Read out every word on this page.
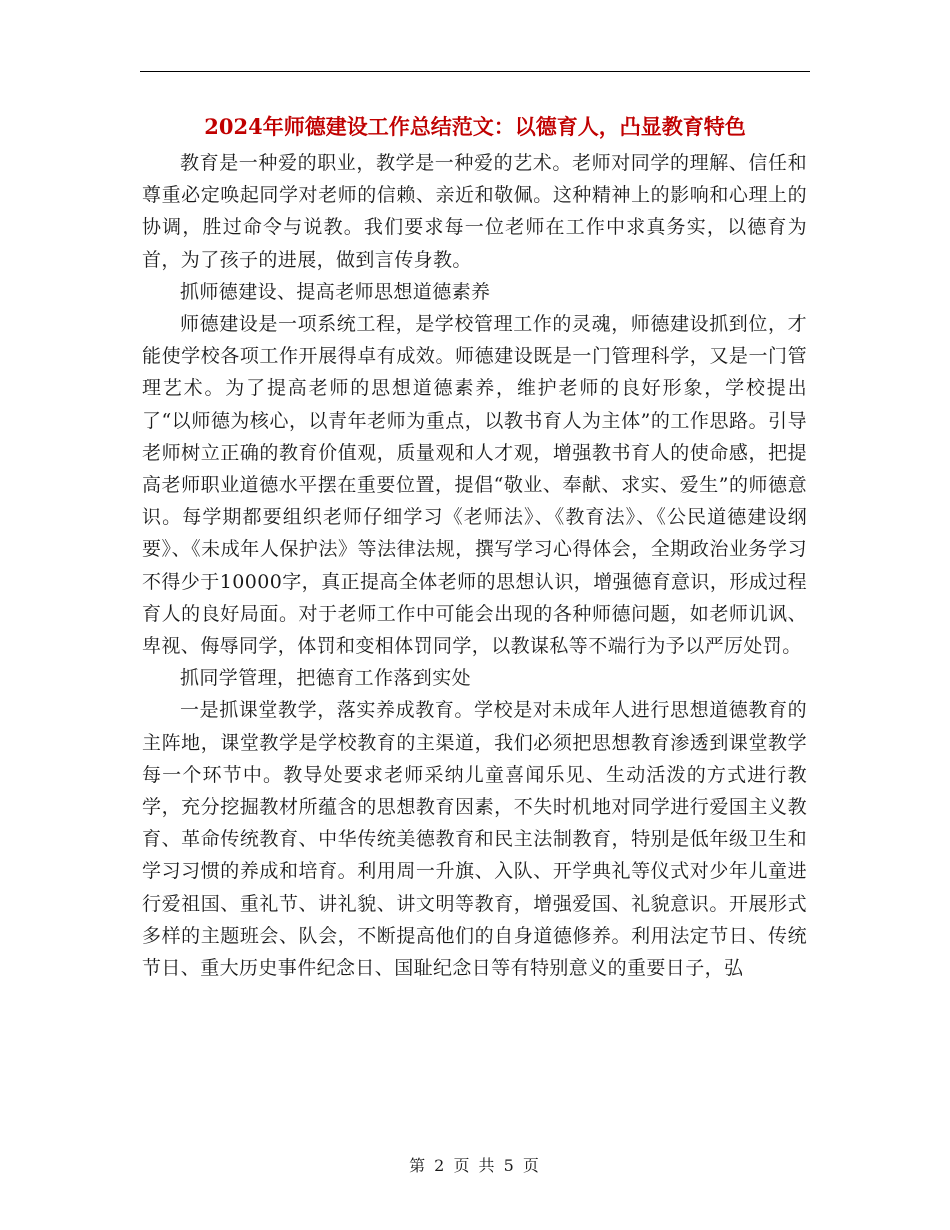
2024年师德建设工作总结范文：以德育人，凸显教育特色

教育是一种爱的职业，教学是一种爱的艺术。老师对同学的理解、信任和尊重必定唤起同学对老师的信赖、亲近和敬佩。这种精神上的影响和心理上的协调，胜过命令与说教。我们要求每一位老师在工作中求真务实，以德育为首，为了孩子的进展，做到言传身教。

抓师德建设、提高老师思想道德素养

师德建设是一项系统工程，是学校管理工作的灵魂，师德建设抓到位，才能使学校各项工作开展得卓有成效。师德建设既是一门管理科学，又是一门管理艺术。为了提高老师的思想道德素养，维护老师的良好形象，学校提出了“以师德为核心，以青年老师为重点，以教书育人为主体”的工作思路。引导老师树立正确的教育价值观，质量观和人才观，增强教书育人的使命感，把提高老师职业道德水平摆在重要位置，提倡“敬业、奉献、求实、爱生”的师德意识。每学期都要组织老师仔细学习《老师法》、《教育法》、《公民道德建设纲要》、《未成年人保护法》等法律法规，撰写学习心得体会，全期政治业务学习不得少于10000字，真正提高全体老师的思想认识，增强德育意识，形成过程育人的良好局面。对于老师工作中可能会出现的各种师德问题，如老师讥讽、卑视、侮辱同学，体罚和变相体罚同学，以教谋私等不端行为予以严厉处罚。

抓同学管理，把德育工作落到实处

一是抓课堂教学，落实养成教育。学校是对未成年人进行思想道德教育的主阵地，课堂教学是学校教育的主渠道，我们必须把思想教育渗透到课堂教学每一个环节中。教导处要求老师采纳儿童喜闻乐见、生动活泼的方式进行教学，充分挖掘教材所蕴含的思想教育因素，不失时机地对同学进行爱国主义教育、革命传统教育、中华传统美德教育和民主法制教育，特别是低年级卫生和学习习惯的养成和培育。利用周一升旗、入队、开学典礼等仪式对少年儿童进行爱祖国、重礼节、讲礼貌、讲文明等教育，增强爱国、礼貌意识。开展形式多样的主题班会、队会，不断提高他们的自身道德修养。利用法定节日、传统节日、重大历史事件纪念日、国耻纪念日等有特别意义的重要日子，弘

第 2 页 共 5 页
